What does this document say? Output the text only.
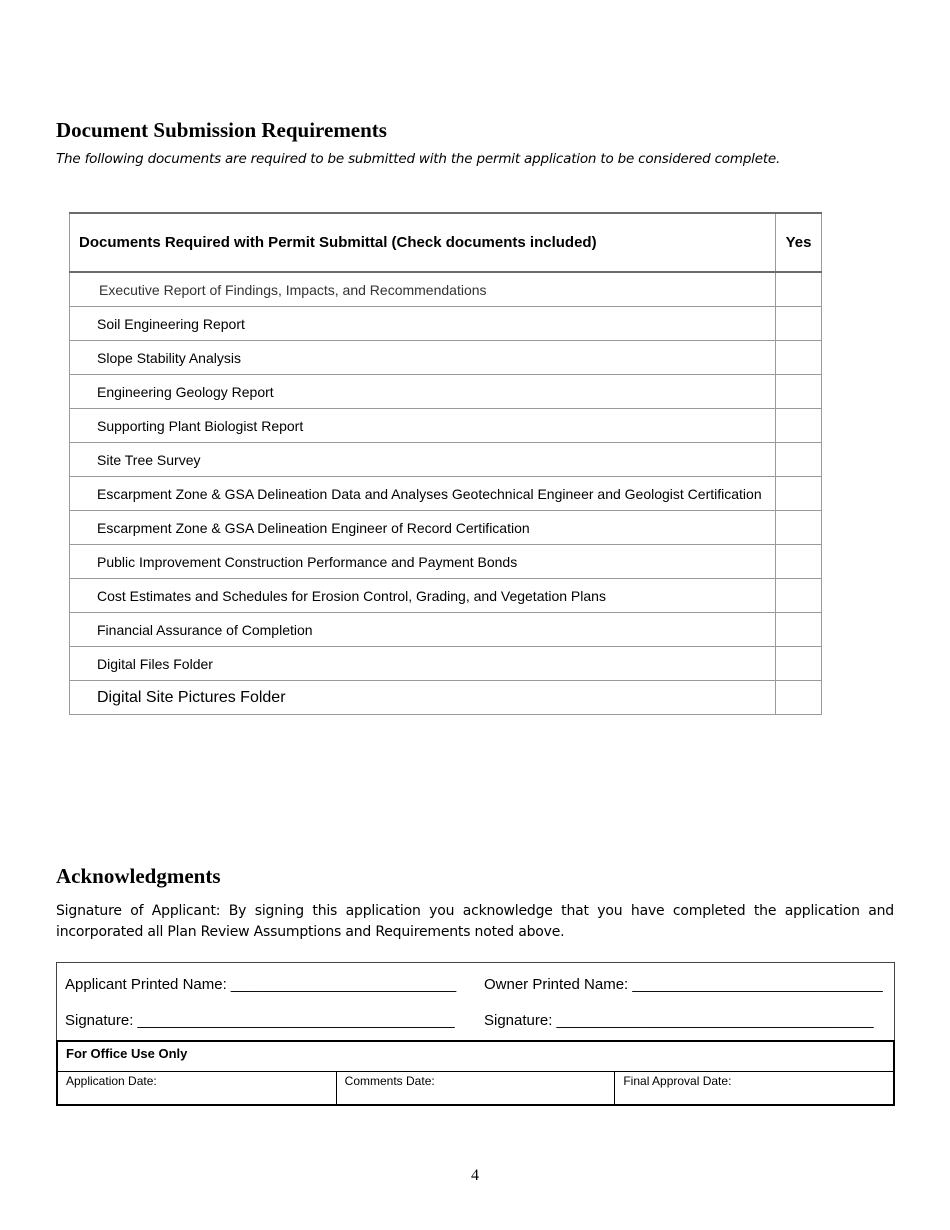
Document Submission Requirements
The following documents are required to be submitted with the permit application to be considered complete.
Documents Required with Permit Submittal (Check documents included)	Yes
Executive Report of Findings, Impacts, and Recommendations	
Soil Engineering Report	
Slope Stability Analysis	
Engineering Geology Report	
Supporting Plant Biologist Report	
Site Tree Survey	
Escarpment Zone & GSA Delineation Data and Analyses Geotechnical Engineer and Geologist Certification	
Escarpment Zone & GSA Delineation Engineer of Record Certification	
Public Improvement Construction Performance and Payment Bonds	
Cost Estimates and Schedules for Erosion Control, Grading, and Vegetation Plans	
Financial Assurance of Completion	
Digital Files Folder	
Digital Site Pictures Folder	
Acknowledgments
Signature of Applicant: By signing this application you acknowledge that you have completed the application and incorporated all Plan Review Assumptions and Requirements noted above.
Applicant Printed Name: ___________________________ Owner Printed Name: ______________________________
Signature: ______________________________________ Signature: ______________________________________
For Office Use Only
Application Date:	Comments Date:	Final Approval Date:
4
